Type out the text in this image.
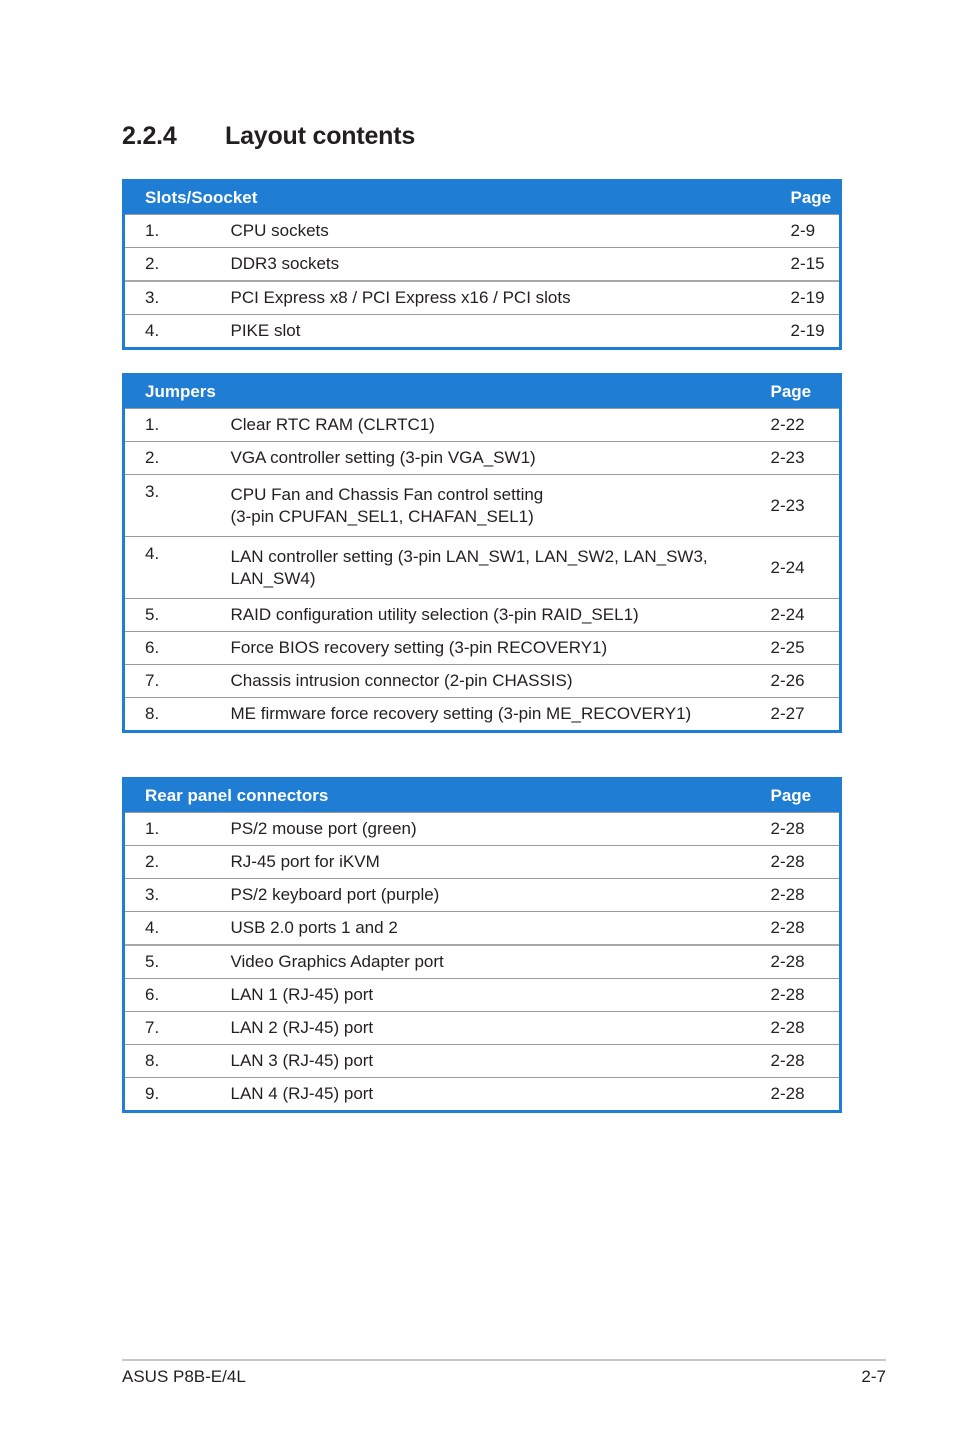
2.2.4 Layout contents
Slots/Soocket		Page
1.	CPU sockets	2-9
2.	DDR3 sockets	2-15
3.	PCI Express x8 / PCI Express x16 / PCI slots	2-19
4.	PIKE slot	2-19
Jumpers		Page
1.	Clear RTC RAM (CLRTC1)	2-22
2.	VGA controller setting (3-pin VGA_SW1)	2-23
3.	CPU Fan and Chassis Fan control setting
(3-pin CPUFAN_SEL1, CHAFAN_SEL1)	2-23
4.	LAN controller setting (3-pin LAN_SW1, LAN_SW2, LAN_SW3, LAN_SW4)	2-24
5.	RAID configuration utility selection (3-pin RAID_SEL1)	2-24
6.	Force BIOS recovery setting (3-pin RECOVERY1)	2-25
7.	Chassis intrusion connector (2-pin CHASSIS)	2-26
8.	ME firmware force recovery setting (3-pin ME_RECOVERY1)	2-27
Rear panel connectors		Page
1.	PS/2 mouse port (green)	2-28
2.	RJ-45 port for iKVM	2-28
3.	PS/2 keyboard port (purple)	2-28
4.	USB 2.0 ports 1 and 2	2-28
5.	Video Graphics Adapter port	2-28
6.	LAN 1 (RJ-45) port	2-28
7.	LAN 2 (RJ-45) port	2-28
8.	LAN 3 (RJ-45) port	2-28
9.	LAN 4 (RJ-45) port	2-28
ASUS P8B-E/4L	2-7
